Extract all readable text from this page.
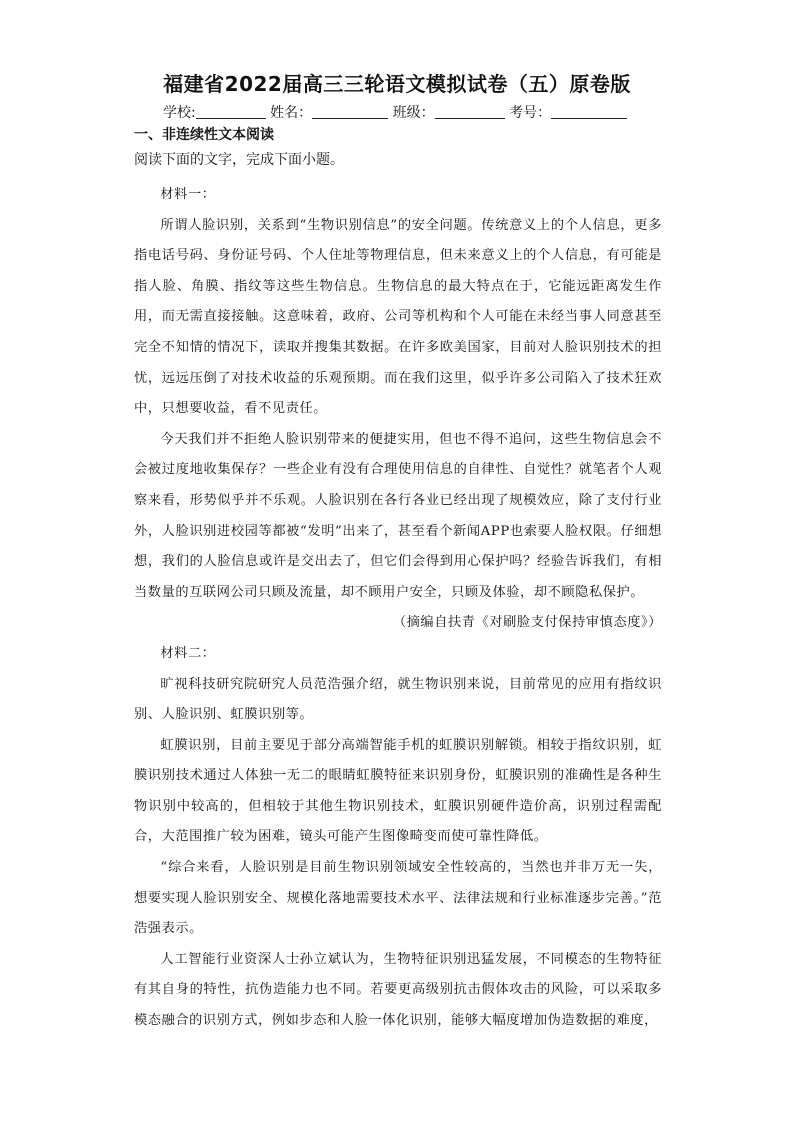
福建省2022届高三三轮语文模拟试卷（五）原卷版
学校:	姓名：	班级：	考号：
一、非连续性文本阅读
阅读下面的文字，完成下面小题。

材料一：

所谓人脸识别，关系到“生物识别信息”的安全问题。传统意义上的个人信息，更多指电话号码、身份证号码、个人住址等物理信息，但未来意义上的个人信息，有可能是指人脸、角膜、指纹等这些生物信息。生物信息的最大特点在于，它能远距离发生作用，而无需直接接触。这意味着，政府、公司等机构和个人可能在未经当事人同意甚至完全不知情的情况下，读取并搜集其数据。在许多欧美国家，目前对人脸识别技术的担忧，远远压倒了对技术收益的乐观预期。而在我们这里，似乎许多公司陷入了技术狂欢中，只想要收益，看不见责任。

今天我们并不拒绝人脸识别带来的便捷实用，但也不得不追问，这些生物信息会不会被过度地收集保存？一些企业有没有合理使用信息的自律性、自觉性？就笔者个人观察来看，形势似乎并不乐观。人脸识别在各行各业已经出现了规模效应，除了支付行业外，人脸识别进校园等都被“发明”出来了，甚至看个新闻APP也索要人脸权限。仔细想想，我们的人脸信息或许是交出去了，但它们会得到用心保护吗？经验告诉我们，有相当数量的互联网公司只顾及流量，却不顾用户安全，只顾及体验，却不顾隐私保护。

（摘编自扶青《对刷脸支付保持审慎态度》）

材料二：

旷视科技研究院研究人员范浩强介绍，就生物识别来说，目前常见的应用有指纹识别、人脸识别、虹膜识别等。

虹膜识别，目前主要见于部分高端智能手机的虹膜识别解锁。相较于指纹识别，虹膜识别技术通过人体独一无二的眼睛虹膜特征来识别身份，虹膜识别的准确性是各种生物识别中较高的，但相较于其他生物识别技术，虹膜识别硬件造价高，识别过程需配合，大范围推广较为困难，镜头可能产生图像畸变而使可靠性降低。

“综合来看，人脸识别是目前生物识别领域安全性较高的，当然也并非万无一失，想要实现人脸识别安全、规模化落地需要技术水平、法律法规和行业标准逐步完善。”范浩强表示。

人工智能行业资深人士孙立斌认为，生物特征识别迅猛发展，不同模态的生物特征有其自身的特性，抗伪造能力也不同。若要更高级别抗击假体攻击的风险，可以采取多模态融合的识别方式，例如步态和人脸一体化识别，能够大幅度增加伪造数据的难度，
